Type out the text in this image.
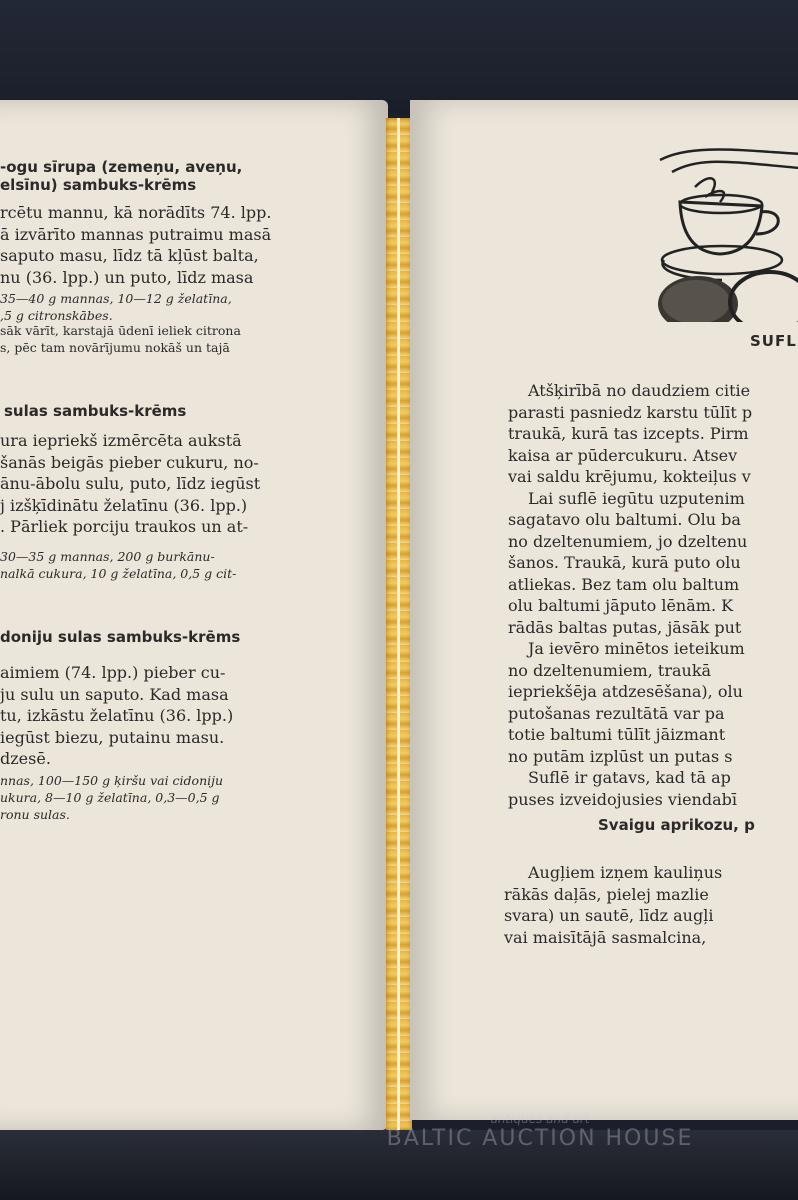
-ogu sīrupa (zemeņu, aveņu,
elsīnu) sambuks-krēms
rcētu mannu, kā norādīts 74. lpp.
ā izvārīto mannas putraimu masā
saputo masu, līdz tā kļūst balta,
nu (36. lpp.) un puto, līdz masa
35—40 g mannas, 10—12 g želatīna,
,5 g citronskābes.
sāk vārīt, karstajā ūdenī ieliek citrona
s, pēc tam novārījumu nokāš un tajā
sulas sambuks-krēms
ura iepriekš izmērcēta aukstā
šanās beigās pieber cukuru, no-
ānu-ābolu sulu, puto, līdz iegūst
j izšķīdinātu želatīnu (36. lpp.)
. Pārliek porciju traukos un at-
30—35 g mannas, 200 g burkānu-
nalkā cukura, 10 g želatīna, 0,5 g cit-
doniju sulas sambuks-krēms
aimiem (74. lpp.) pieber cu-
ju sulu un saputo. Kad masa
tu, izkāstu želatīnu (36. lpp.)
iegūst biezu, putainu masu.
dzesē.
nnas, 100—150 g ķiršu vai cidoniju
ukura, 8—10 g želatīna, 0,3—0,5 g
ronu sulas.
SUFL
Atšķirībā no daudziem citie
parasti pasniedz karstu tūlīt p
traukā, kurā tas izcepts. Pirm
kaisa ar pūdercukuru. Atsev
vai saldu krējumu, kokteiļus v
Lai suflē iegūtu uzputenim
sagatavo olu baltumi. Olu ba
no dzeltenumiem, jo dzeltenu
šanos. Traukā, kurā puto olu
atliekas. Bez tam olu baltum
olu baltumi jāputo lēnām. K
rādās baltas putas, jāsāk put
Ja ievēro minētos ieteikum
no dzeltenumiem, traukā
iepriekšēja atdzesēšana), olu
putošanas rezultātā var pa
totie baltumi tūlīt jāizmant
no putām izplūst un putas s
Suflē ir gatavs, kad tā ap
puses izveidojusies viendabī
Svaigu aprikozu, p
Augļiem izņem kauliņus
rākās daļās, pielej mazlie
svara) un sautē, līdz augļi
vai maisītājā sasmalcina,
antiques and art
BALTIC AUCTION HOUSE
